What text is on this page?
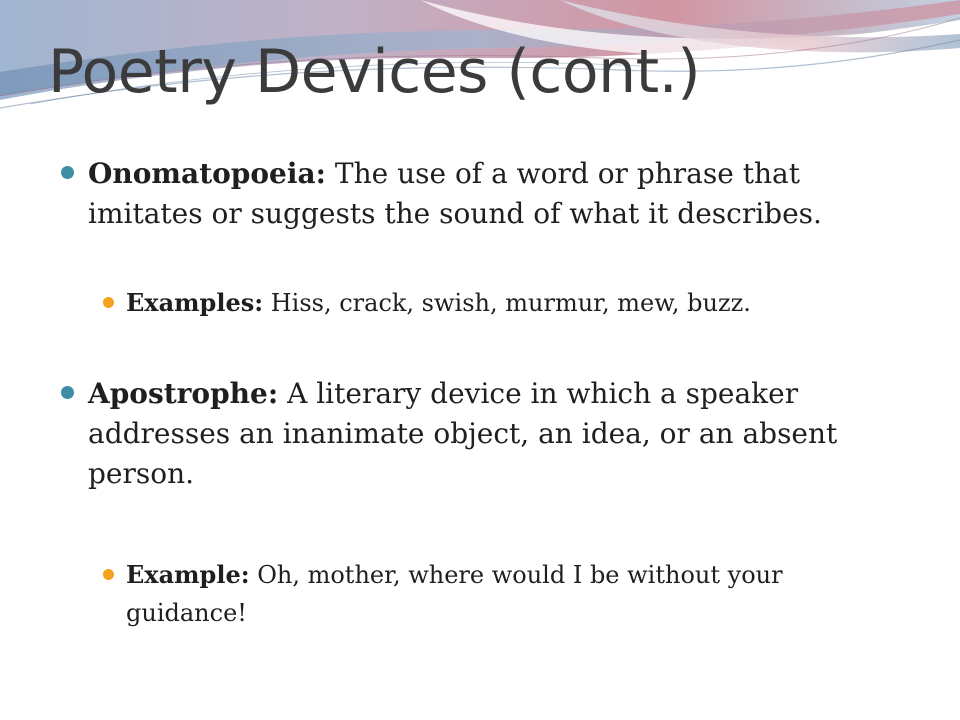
Poetry Devices (cont.)
Onomatopoeia: The use of a word or phrase that imitates or suggests the sound of what it describes.
Examples: Hiss, crack, swish, murmur, mew, buzz.
Apostrophe: A literary device in which a speaker addresses an inanimate object, an idea, or an absent person.
Example: Oh, mother, where would I be without your guidance!
